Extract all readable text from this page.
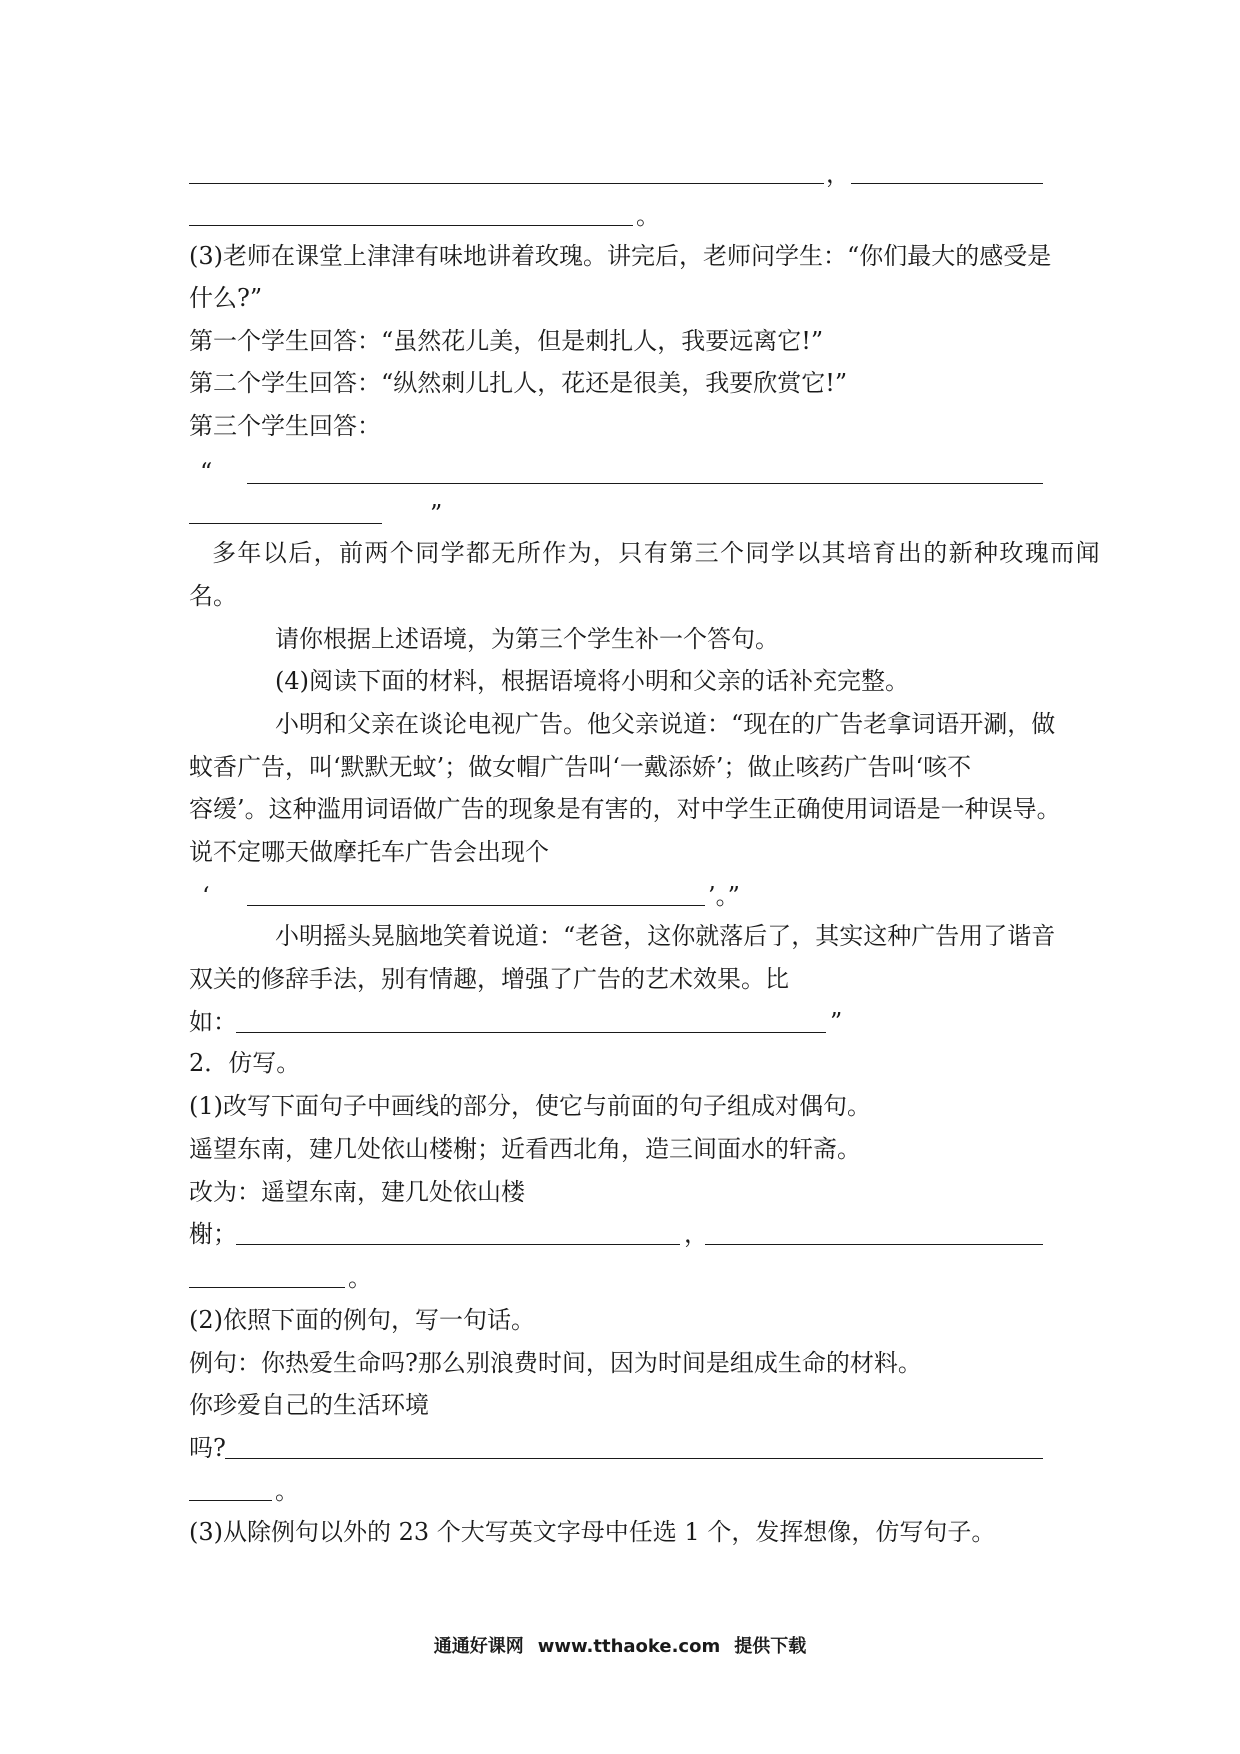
，
。
(3)老师在课堂上津津有味地讲着玫瑰。讲完后，老师问学生：“你们最大的感受是
什么?”
第一个学生回答：“虽然花儿美，但是刺扎人，我要远离它!”
第二个学生回答：“纵然刺儿扎人，花还是很美，我要欣赏它!”
第三个学生回答：
“
”
多年以后，前两个同学都无所作为，只有第三个同学以其培育出的新种玫瑰而闻
名。
请你根据上述语境，为第三个学生补一个答句。
(4)阅读下面的材料，根据语境将小明和父亲的话补充完整。
小明和父亲在谈论电视广告。他父亲说道：“现在的广告老拿词语开涮，做
蚊香广告，叫‘默默无蚊’；做女帽广告叫‘一戴添娇’；做止咳药广告叫‘咳不
容缓’。这种滥用词语做广告的现象是有害的，对中学生正确使用词语是一种误导。
说不定哪天做摩托车广告会出现个
‘	’。”
小明摇头晃脑地笑着说道：“老爸，这你就落后了，其实这种广告用了谐音
双关的修辞手法，别有情趣，增强了广告的艺术效果。比
如：	”
2．仿写。
(1)改写下面句子中画线的部分，使它与前面的句子组成对偶句。
遥望东南，建几处依山楼榭；近看西北角，造三间面水的轩斋。
改为：遥望东南，建几处依山楼
榭；	，
。
(2)依照下面的例句，写一句话。
例句：你热爱生命吗?那么别浪费时间，因为时间是组成生命的材料。
你珍爱自己的生活环境
吗?
。
(3)从除例句以外的 23 个大写英文字母中任选 1 个，发挥想像，仿写句子。
通通好课网 www.tthaoke.com 提供下载
